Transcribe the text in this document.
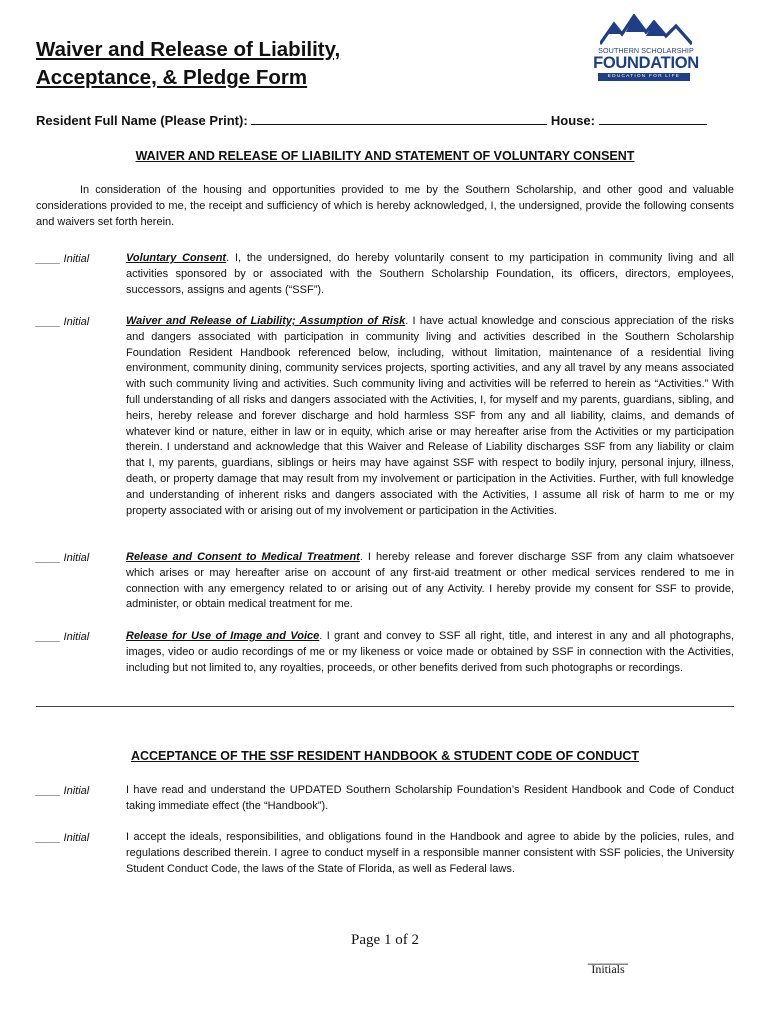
Waiver and Release of Liability,
Acceptance, & Pledge Form
SOUTHERN SCHOLARSHIP
FOUNDATION
EDUCATION FOR LIFE
Resident Full Name (Please Print):	House:
WAIVER AND RELEASE OF LIABILITY AND STATEMENT OF VOLUNTARY CONSENT

In consideration of the housing and opportunities provided to me by the Southern Scholarship, and other good and valuable considerations provided to me, the receipt and sufficiency of which is hereby acknowledged, I, the undersigned, provide the following consents and waivers set forth herein.

____ Initial	Voluntary Consent. I, the undersigned, do hereby voluntarily consent to my participation in community living and all activities sponsored by or associated with the Southern Scholarship Foundation, its officers, directors, employees, successors, assigns and agents (“SSF”).

____ Initial	Waiver and Release of Liability; Assumption of Risk. I have actual knowledge and conscious appreciation of the risks and dangers associated with participation in community living and activities described in the Southern Scholarship Foundation Resident Handbook referenced below, including, without limitation, maintenance of a residential living environment, community dining, community services projects, sporting activities, and any all travel by any means associated with such community living and activities. Such community living and activities will be referred to herein as “Activities.” With full understanding of all risks and dangers associated with the Activities, I, for myself and my parents, guardians, sibling, and heirs, hereby release and forever discharge and hold harmless SSF from any and all liability, claims, and demands of whatever kind or nature, either in law or in equity, which arise or may hereafter arise from the Activities or my participation therein. I understand and acknowledge that this Waiver and Release of Liability discharges SSF from any liability or claim that I, my parents, guardians, siblings or heirs may have against SSF with respect to bodily injury, personal injury, illness, death, or property damage that may result from my involvement or participation in the Activities. Further, with full knowledge and understanding of inherent risks and dangers associated with the Activities, I assume all risk of harm to me or my property associated with or arising out of my involvement or participation in the Activities.

____ Initial	Release and Consent to Medical Treatment. I hereby release and forever discharge SSF from any claim whatsoever which arises or may hereafter arise on account of any first-aid treatment or other medical services rendered to me in connection with any emergency related to or arising out of any Activity. I hereby provide my consent for SSF to provide, administer, or obtain medical treatment for me.

____ Initial	Release for Use of Image and Voice. I grant and convey to SSF all right, title, and interest in any and all photographs, images, video or audio recordings of me or my likeness or voice made or obtained by SSF in connection with the Activities, including but not limited to, any royalties, proceeds, or other benefits derived from such photographs or recordings.

ACCEPTANCE OF THE SSF RESIDENT HANDBOOK & STUDENT CODE OF CONDUCT
____ Initial	I have read and understand the UPDATED Southern Scholarship Foundation’s Resident Handbook and Code of Conduct taking immediate effect (the “Handbook”).

____ Initial	I accept the ideals, responsibilities, and obligations found in the Handbook and agree to abide by the policies, rules, and regulations described therein. I agree to conduct myself in a responsible manner consistent with SSF policies, the University Student Conduct Code, the laws of the State of Florida, as well as Federal laws.

Page 1 of 2
______
Initials
